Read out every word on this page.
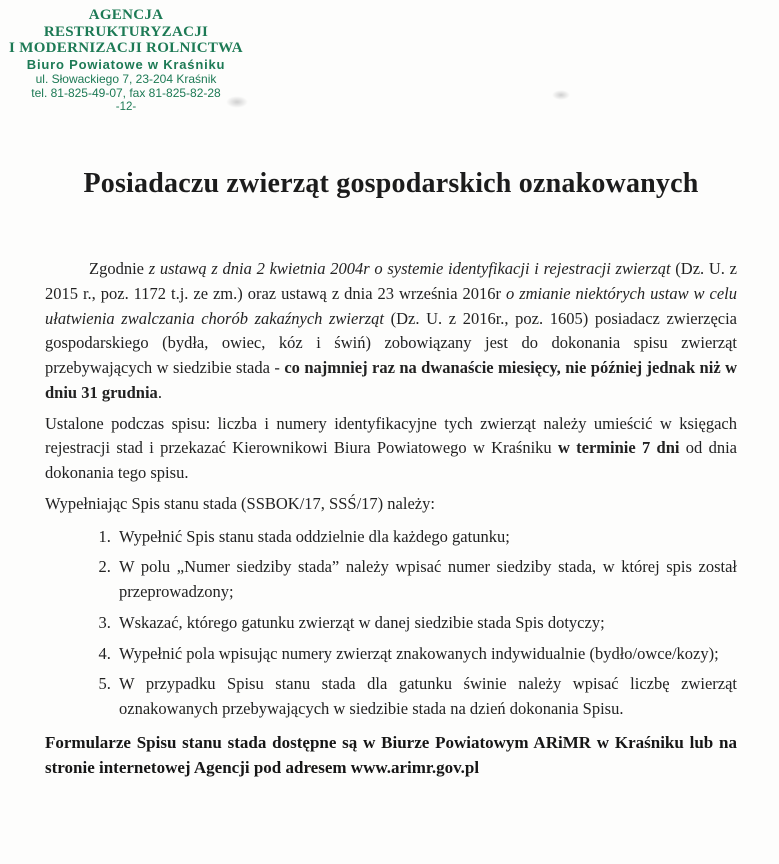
AGENCJA RESTRUKTURYZACJI
I MODERNIZACJI ROLNICTWA
Biuro Powiatowe w Kraśniku
ul. Słowackiego 7, 23-204 Kraśnik
tel. 81-825-49-07, fax 81-825-82-28
-12-
Posiadaczu zwierząt gospodarskich oznakowanych

Zgodnie z ustawą z dnia 2 kwietnia 2004r o systemie identyfikacji i rejestracji zwierząt (Dz. U. z 2015 r., poz. 1172 t.j. ze zm.) oraz ustawą z dnia 23 września 2016r o zmianie niektórych ustaw w celu ułatwienia zwalczania chorób zakaźnych zwierząt (Dz. U. z 2016r., poz. 1605) posiadacz zwierzęcia gospodarskiego (bydła, owiec, kóz i świń) zobowiązany jest do dokonania spisu zwierząt przebywających w siedzibie stada - co najmniej raz na dwanaście miesięcy, nie później jednak niż w dniu 31 grudnia.

Ustalone podczas spisu: liczba i numery identyfikacyjne tych zwierząt należy umieścić w księgach rejestracji stad i przekazać Kierownikowi Biura Powiatowego w Kraśniku w terminie 7 dni od dnia dokonania tego spisu.

Wypełniając Spis stanu stada (SSBOK/17, SSŚ/17) należy:

1. Wypełnić Spis stanu stada oddzielnie dla każdego gatunku;
2. W polu „Numer siedziby stada” należy wpisać numer siedziby stada, w której spis został przeprowadzony;
3. Wskazać, którego gatunku zwierząt w danej siedzibie stada Spis dotyczy;
4. Wypełnić pola wpisując numery zwierząt znakowanych indywidualnie (bydło/owce/kozy);
5. W przypadku Spisu stanu stada dla gatunku świnie należy wpisać liczbę zwierząt oznakowanych przebywających w siedzibie stada na dzień dokonania Spisu.

Formularze Spisu stanu stada dostępne są w Biurze Powiatowym ARiMR w Kraśniku lub na stronie internetowej Agencji pod adresem www.arimr.gov.pl
